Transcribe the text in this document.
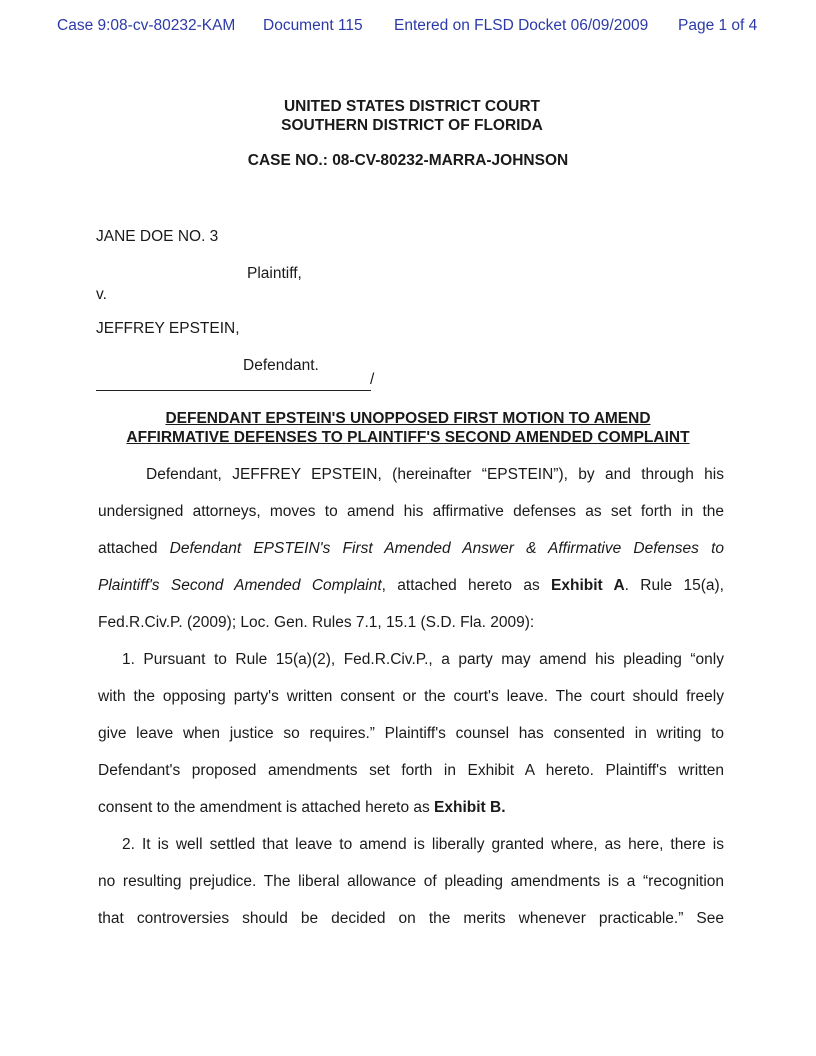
Case 9:08-cv-80232-KAM Document 115 Entered on FLSD Docket 06/09/2009 Page 1 of 4
UNITED STATES DISTRICT COURT
SOUTHERN DISTRICT OF FLORIDA
CASE NO.: 08-CV-80232-MARRA-JOHNSON
JANE DOE NO. 3
Plaintiff,
v.
JEFFREY EPSTEIN,
Defendant.
/
DEFENDANT EPSTEIN'S UNOPPOSED FIRST MOTION TO AMEND
AFFIRMATIVE DEFENSES TO PLAINTIFF'S SECOND AMENDED COMPLAINT
Defendant, JEFFREY EPSTEIN, (hereinafter “EPSTEIN”), by and through his
undersigned attorneys, moves to amend his affirmative defenses as set forth in the
attached Defendant EPSTEIN's First Amended Answer & Affirmative Defenses to
Plaintiff's Second Amended Complaint, attached hereto as Exhibit A. Rule 15(a),
Fed.R.Civ.P. (2009); Loc. Gen. Rules 7.1, 15.1 (S.D. Fla. 2009):
1. Pursuant to Rule 15(a)(2), Fed.R.Civ.P., a party may amend his pleading “only
with the opposing party's written consent or the court's leave. The court should freely
give leave when justice so requires.” Plaintiff's counsel has consented in writing to
Defendant's proposed amendments set forth in Exhibit A hereto. Plaintiff's written
consent to the amendment is attached hereto as Exhibit B.
2. It is well settled that leave to amend is liberally granted where, as here, there is
no resulting prejudice. The liberal allowance of pleading amendments is a “recognition
that controversies should be decided on the merits whenever practicable.” See
